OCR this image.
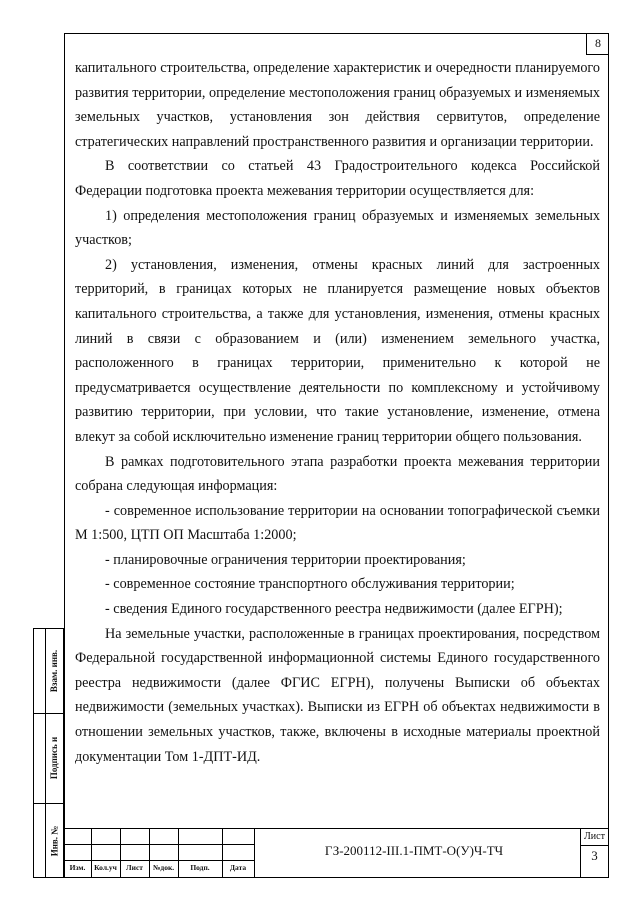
8

капитального строительства, определение характеристик и очередности планируемого развития территории, определение местоположения границ образуемых и изменяемых земельных участков, установления зон действия сервитутов, определение стратегических направлений пространственного развития и организации территории.

В соответствии со статьей 43 Градостроительного кодекса Российской Федерации подготовка проекта межевания территории осуществляется для:

1) определения местоположения границ образуемых и изменяемых земельных участков;

2) установления, изменения, отмены красных линий для застроенных территорий, в границах которых не планируется размещение новых объектов капитального строительства, а также для установления, изменения, отмены красных линий в связи с образованием и (или) изменением земельного участка, расположенного в границах территории, применительно к которой не предусматривается осуществление деятельности по комплексному и устойчивому развитию территории, при условии, что такие установление, изменение, отмена влекут за собой исключительно изменение границ территории общего пользования.

В рамках подготовительного этапа разработки проекта межевания территории собрана следующая информация:

- современное использование территории на основании топографической съемки М 1:500, ЦТП ОП Масштаба 1:2000;

- планировочные ограничения территории проектирования;

- современное состояние транспортного обслуживания территории;

- сведения Единого государственного реестра недвижимости (далее ЕГРН);

На земельные участки, расположенные в границах проектирования, посредством Федеральной государственной информационной системы Единого государственного реестра недвижимости (далее ФГИС ЕГРН), получены Выписки об объектах недвижимости (земельных участках). Выписки из ЕГРН об объектах недвижимости в отношении земельных участков, также, включены в исходные материалы проектной документации Том 1-ДПТ-ИД.

Взам. инв.
Подпись и
Инв. №
Изм.	Кол.уч	Лист	№док.	Подп.	Дата
ГЗ-200112-III.1-ПМТ-О(У)Ч-ТЧ
Лист
3
